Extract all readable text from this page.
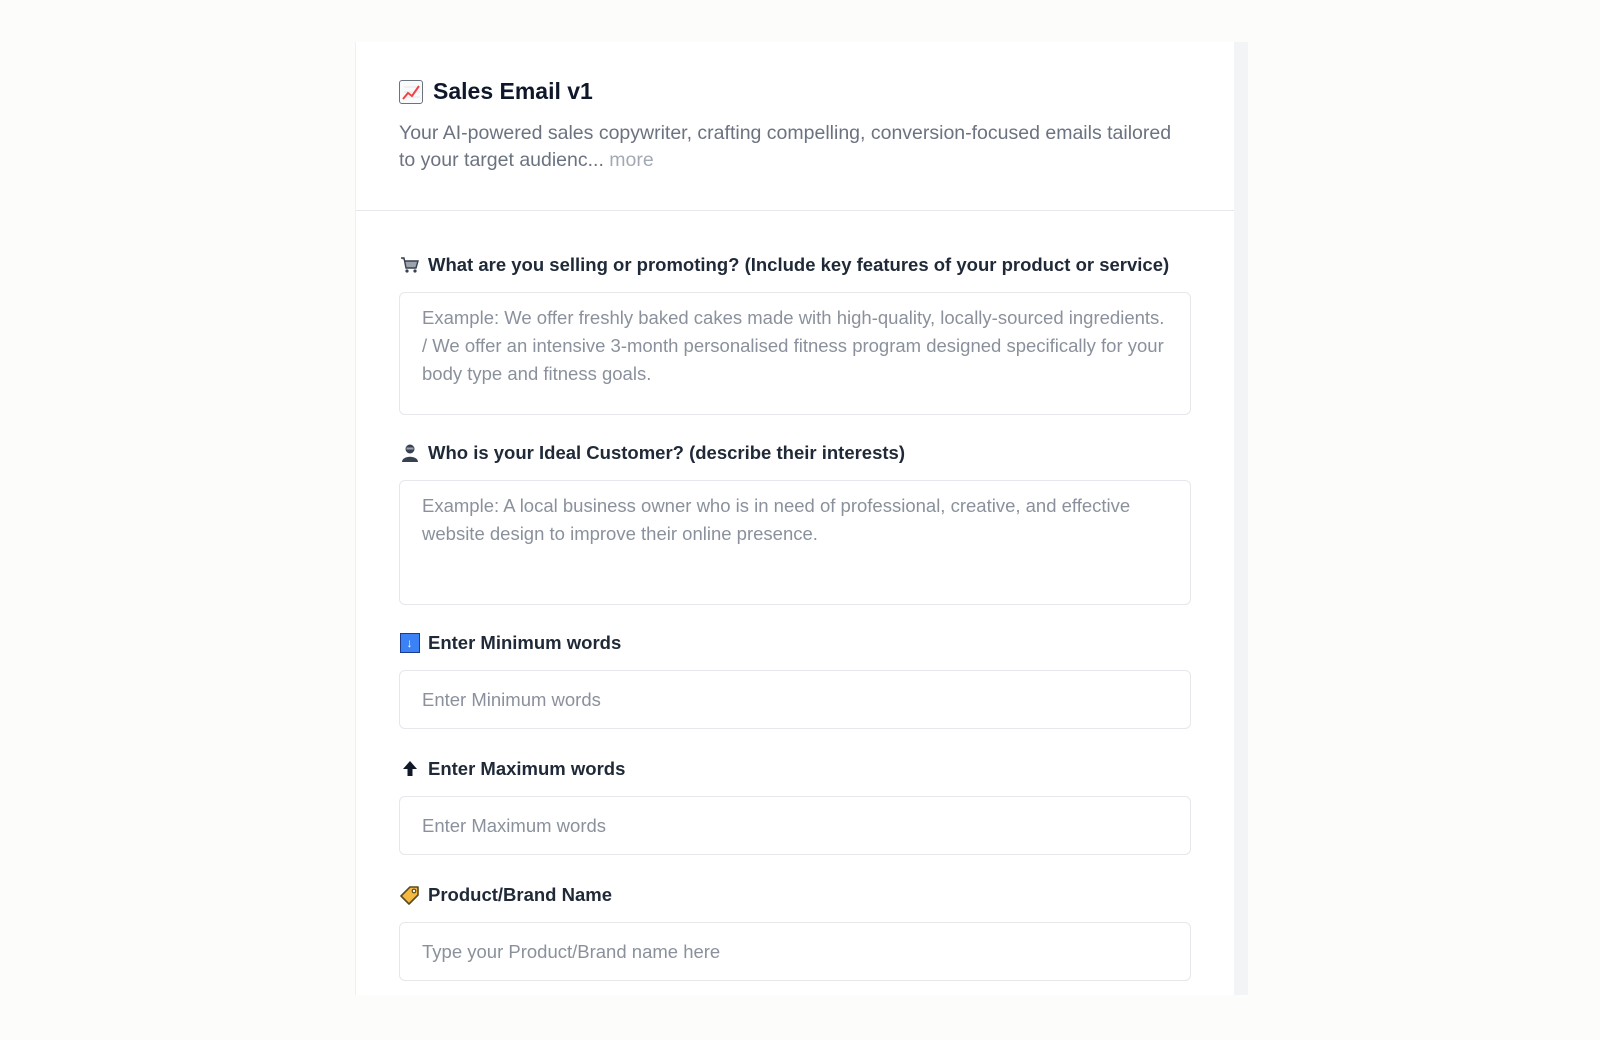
Sales Email v1
Your AI-powered sales copywriter, crafting compelling, conversion-focused emails tailored to your target audienc... more
What are you selling or promoting? (Include key features of your product or service)
Example: We offer freshly baked cakes made with high-quality, locally-sourced ingredients. / We offer an intensive 3-month personalised fitness program designed specifically for your body type and fitness goals.
Who is your Ideal Customer? (describe their interests)
Example: A local business owner who is in need of professional, creative, and effective website design to improve their online presence.
↓ Enter Minimum words
Enter Minimum words
Enter Maximum words
Enter Maximum words
Product/Brand Name
Type your Product/Brand name here
